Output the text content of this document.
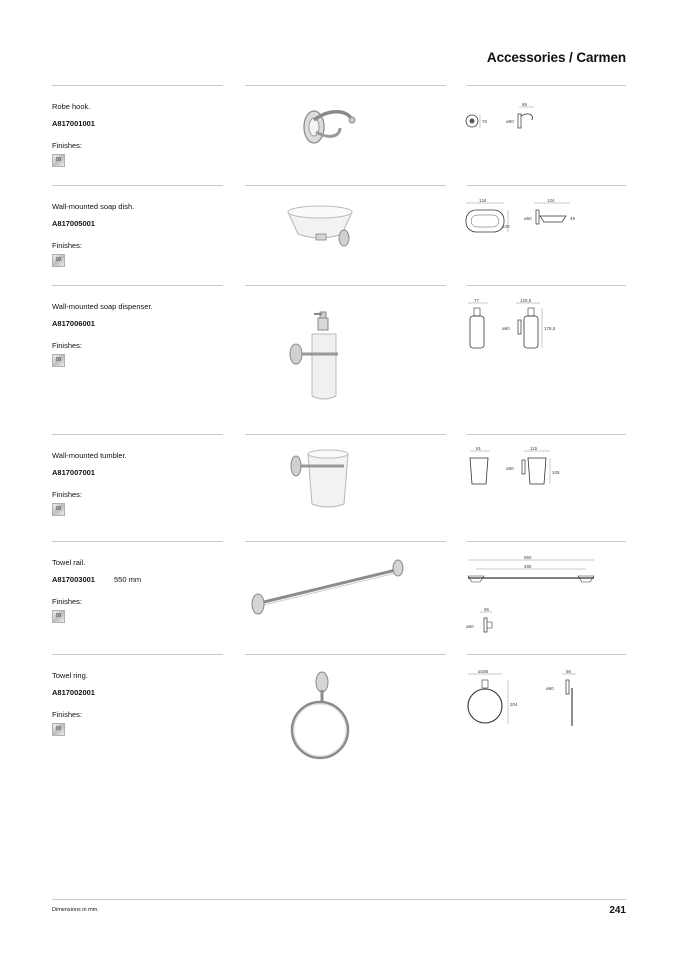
Accessories / Carmen
Robe hook.
A817001001
Finishes:
00
70
65
ø60
Wall-mounted soap dish.
A817005001
Finishes:
00
134
100
124
ø60	49
Wall-mounted soap dispenser.
A817006001
Finishes:
00
77	125,5
ø60	178,5
Wall-mounted tumbler.
A817007001
Finishes:
00
81	115
ø60
105
Towel rail.
A817003001	550 mm
Finishes:
00
550
485
66
ø60
Towel ring.
A817002001
Finishes:
00
ø185
204
66
ø60
Dimensions in mm.	241
